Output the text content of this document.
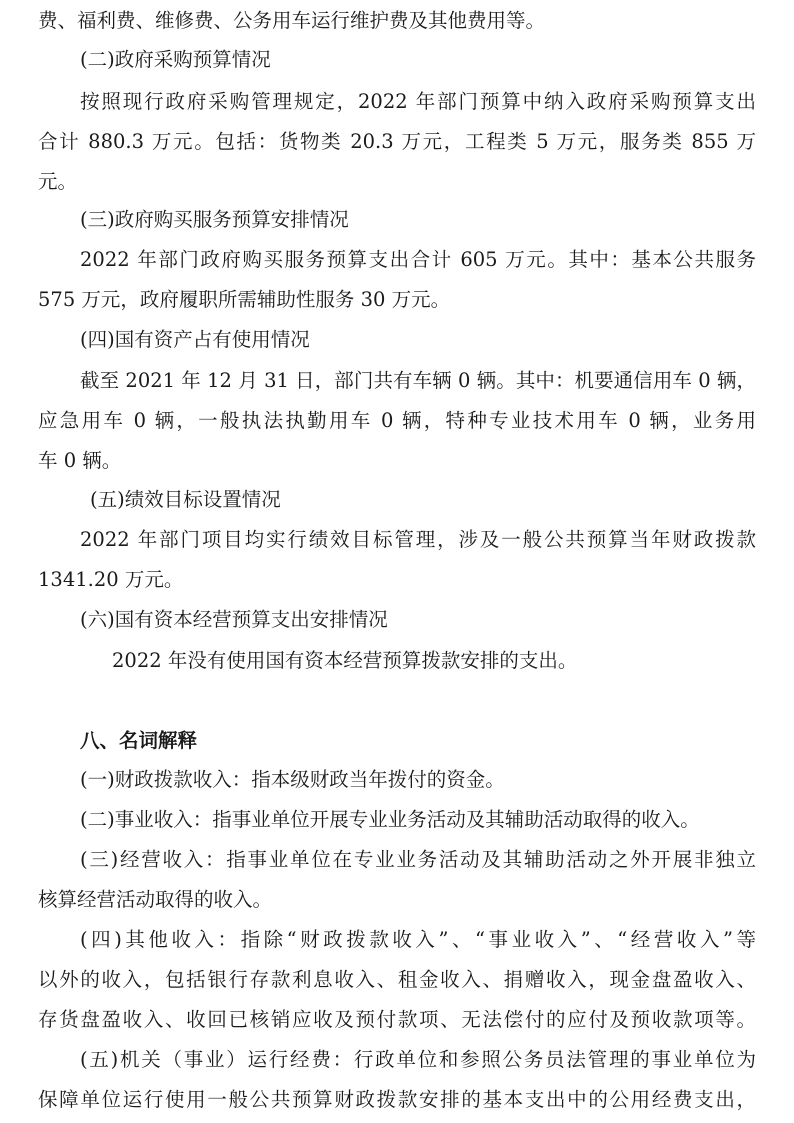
费、福利费、维修费、公务用车运行维护费及其他费用等。
(二)政府采购预算情况
按照现行政府采购管理规定，2022 年部门预算中纳入政府采购预算支出
合计 880.3 万元。包括：货物类 20.3 万元，工程类 5 万元，服务类 855 万
元。
(三)政府购买服务预算安排情况
2022 年部门政府购买服务预算支出合计 605 万元。其中：基本公共服务
575 万元，政府履职所需辅助性服务 30 万元。
(四)国有资产占有使用情况
截至 2021 年 12 月 31 日，部门共有车辆 0 辆。其中：机要通信用车 0 辆，
应急用车 0 辆，一般执法执勤用车 0 辆，特种专业技术用车 0 辆，业务用
车 0 辆。
(五)绩效目标设置情况
2022 年部门项目均实行绩效目标管理，涉及一般公共预算当年财政拨款
1341.20 万元。
(六)国有资本经营预算支出安排情况
2022 年没有使用国有资本经营预算拨款安排的支出。
八、名词解释
(一)财政拨款收入：指本级财政当年拨付的资金。
(二)事业收入：指事业单位开展专业业务活动及其辅助活动取得的收入。
(三)经营收入：指事业单位在专业业务活动及其辅助活动之外开展非独立
核算经营活动取得的收入。
(四)其他收入：指除“财政拨款收入”、“事业收入”、“经营收入”等
以外的收入，包括银行存款利息收入、租金收入、捐赠收入，现金盘盈收入、
存货盘盈收入、收回已核销应收及预付款项、无法偿付的应付及预收款项等。
(五)机关（事业）运行经费：行政单位和参照公务员法管理的事业单位为
保障单位运行使用一般公共预算财政拨款安排的基本支出中的公用经费支出，
